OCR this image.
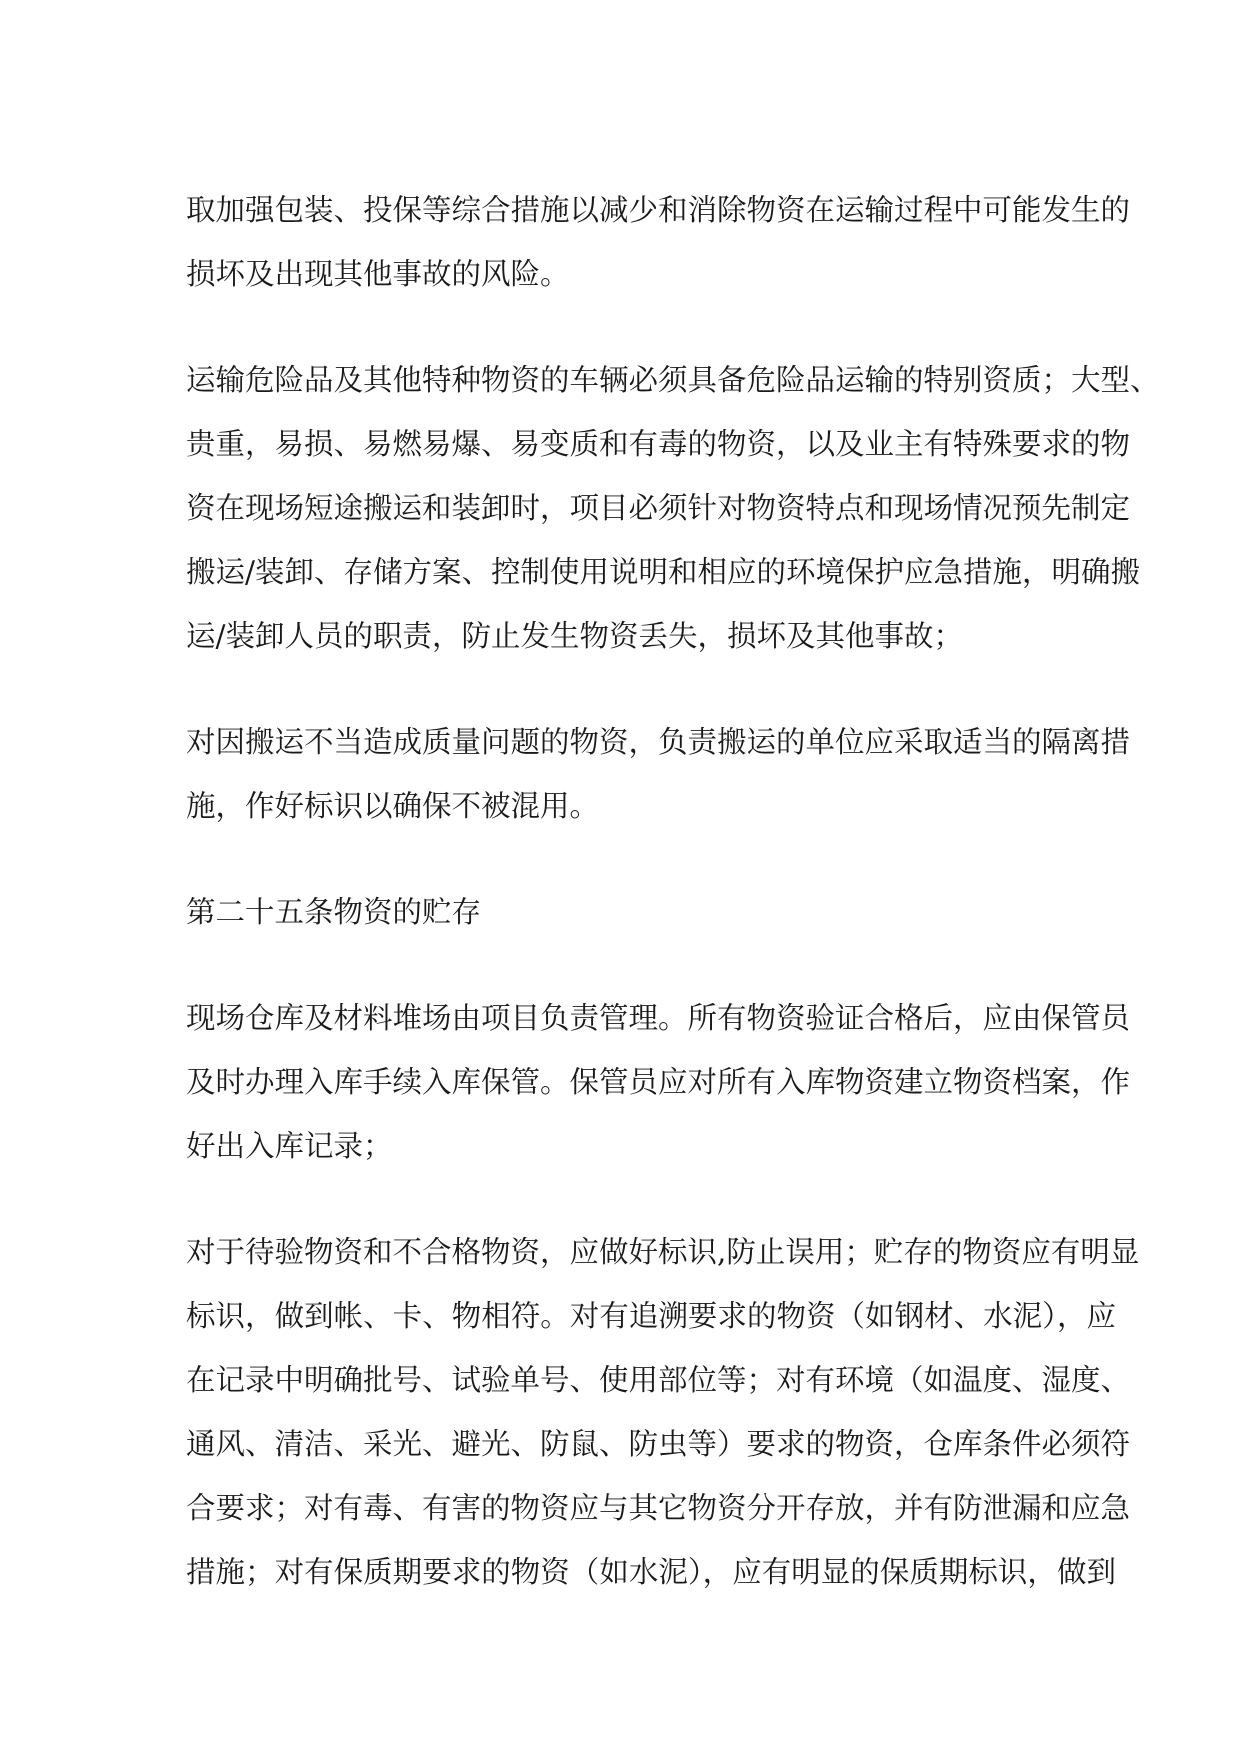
取加强包装、投保等综合措施以减少和消除物资在运输过程中可能发生的
损坏及出现其他事故的风险。
运输危险品及其他特种物资的车辆必须具备危险品运输的特别资质；大型、
贵重，易损、易燃易爆、易变质和有毒的物资，以及业主有特殊要求的物
资在现场短途搬运和装卸时，项目必须针对物资特点和现场情况预先制定
搬运/装卸、存储方案、控制使用说明和相应的环境保护应急措施，明确搬
运/装卸人员的职责，防止发生物资丢失，损坏及其他事故；
对因搬运不当造成质量问题的物资，负责搬运的单位应采取适当的隔离措
施，作好标识以确保不被混用。
第二十五条物资的贮存
现场仓库及材料堆场由项目负责管理。所有物资验证合格后，应由保管员
及时办理入库手续入库保管。保管员应对所有入库物资建立物资档案，作
好出入库记录；
对于待验物资和不合格物资，应做好标识,防止误用；贮存的物资应有明显
标识，做到帐、卡、物相符。对有追溯要求的物资（如钢材、水泥），应
在记录中明确批号、试验单号、使用部位等；对有环境（如温度、湿度、
通风、清洁、采光、避光、防鼠、防虫等）要求的物资，仓库条件必须符
合要求；对有毒、有害的物资应与其它物资分开存放，并有防泄漏和应急
措施；对有保质期要求的物资（如水泥），应有明显的保质期标识，做到
